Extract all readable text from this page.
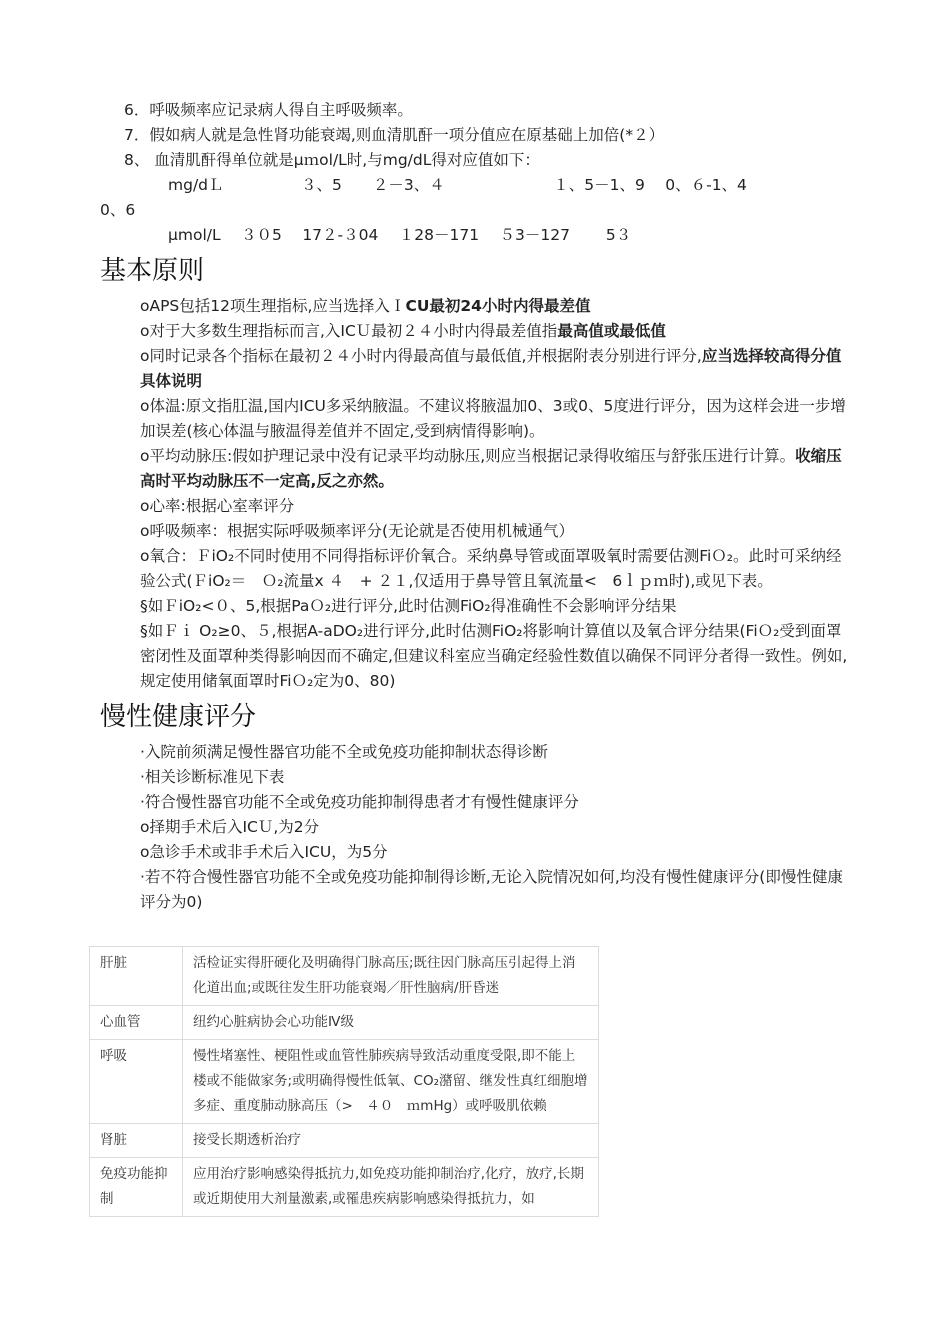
6．呼吸频率应记录病人得自主呼吸频率。
7．假如病人就是急性肾功能衰竭,则血清肌酐一项分值应在原基础上加倍(*２）
8、 血清肌酐得单位就是μｍol/L时,与mg/dL得对应值如下：
mg/dＬ　　　　　３、5　　２－3、４　　　　　　　１、5－1、9　 0、６-1、4
0、6
µmol/L　 ３０5　 17２-３04　 １28－171　 ５3－127　　 5３
基本原则
oAPS包括12项生理指标,应当选择入ＩCU最初24小时内得最差值
o对于大多数生理指标而言,入ICＵ最初２４小时内得最差值指最高值或最低值
o同时记录各个指标在最初２４小时内得最高值与最低值,并根据附表分别进行评分,应当选择较高得分值
具体说明
o体温:原文指肛温,国内ICU多采纳腋温。不建议将腋温加0、3或0、5度进行评分，因为这样会进一步增加误差(核心体温与腋温得差值并不固定,受到病情得影响)。
o平均动脉压:假如护理记录中没有记录平均动脉压,则应当根据记录得收缩压与舒张压进行计算。收缩压高时平均动脉压不一定高,反之亦然。
o心率:根据心室率评分
o呼吸频率：根据实际呼吸频率评分(无论就是否使用机械通气）
o氧合：ＦiO₂不同时使用不同得指标评价氧合。采纳鼻导管或面罩吸氧时需要估测FiＯ₂。此时可采纳经验公式(ＦiO₂＝　Ｏ₂流量x ４　+ ２１,仅适用于鼻导管且氧流量<　6ｌｐｍ时),或见下表。
§如ＦiO₂<０、5,根据PaＯ₂进行评分,此时估测FiO₂得准确性不会影响评分结果
§如Ｆｉ O₂≥0、５,根据A-aDO₂进行评分,此时估测FiO₂将影响计算值以及氧合评分结果(FiＯ₂受到面罩密闭性及面罩种类得影响因而不确定,但建议科室应当确定经验性数值以确保不同评分者得一致性。例如,规定使用储氧面罩时FiＯ₂定为0、80)
慢性健康评分
·入院前须满足慢性器官功能不全或免疫功能抑制状态得诊断
·相关诊断标准见下表
·符合慢性器官功能不全或免疫功能抑制得患者才有慢性健康评分
o择期手术后入ICＵ,为2分
o急诊手术或非手术后入ICU，为5分
·若不符合慢性器官功能不全或免疫功能抑制得诊断,无论入院情况如何,均没有慢性健康评分(即慢性健康评分为0)
肝脏	活检证实得肝硬化及明确得门脉高压;既往因门脉高压引起得上消化道出血;或既往发生肝功能衰竭／肝性脑病/肝昏迷
心血管	纽约心脏病协会心功能Ⅳ级
呼吸	慢性堵塞性、梗阻性或血管性肺疾病导致活动重度受限,即不能上楼或不能做家务;或明确得慢性低氧、CO₂潴留、继发性真红细胞增多症、重度肺动脉高压（>　４０　ｍmHg）或呼吸肌依赖
肾脏	接受长期透析治疗
免疫功能抑制	应用治疗影响感染得抵抗力,如免疫功能抑制治疗,化疗，放疗,长期或近期使用大剂量激素,或罹患疾病影响感染得抵抗力，如
